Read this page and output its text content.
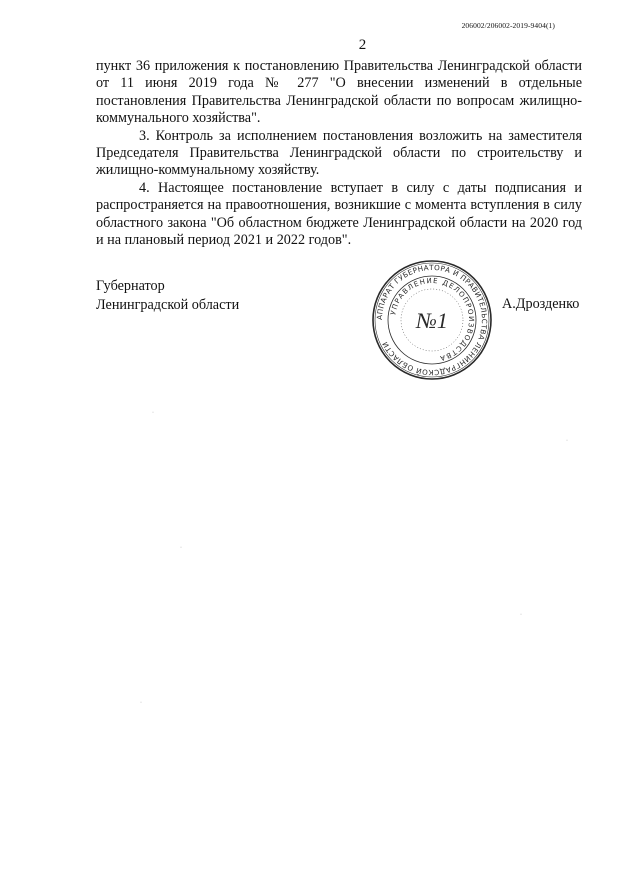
206002/206002-2019-9404(1)
2

пункт 36 приложения к постановлению Правительства Ленинградской области от 11 июня 2019 года № 277 "О внесении изменений в отдельные постановления Правительства Ленинградской области по вопросам жилищно-коммунального хозяйства".

3. Контроль за исполнением постановления возложить на заместителя Председателя Правительства Ленинградской области по строительству и жилищно-коммунальному хозяйству.

4. Настоящее постановление вступает в силу с даты подписания и распространяется на правоотношения, возникшие с момента вступления в силу областного закона "Об областном бюджете Ленинградской области на 2020 год и на плановый период 2021 и 2022 годов".

Губернатор
Ленинградской области	А.Дрозденко
АППАРАТ ГУБЕРНАТОРА И ПРАВИТЕЛЬСТВА ЛЕНИНГРАДСКОЙ ОБЛАСТИ
УПРАВЛЕНИЕ ДЕЛОПРОИЗВОДСТВА
№1
·
·
·
·
·
